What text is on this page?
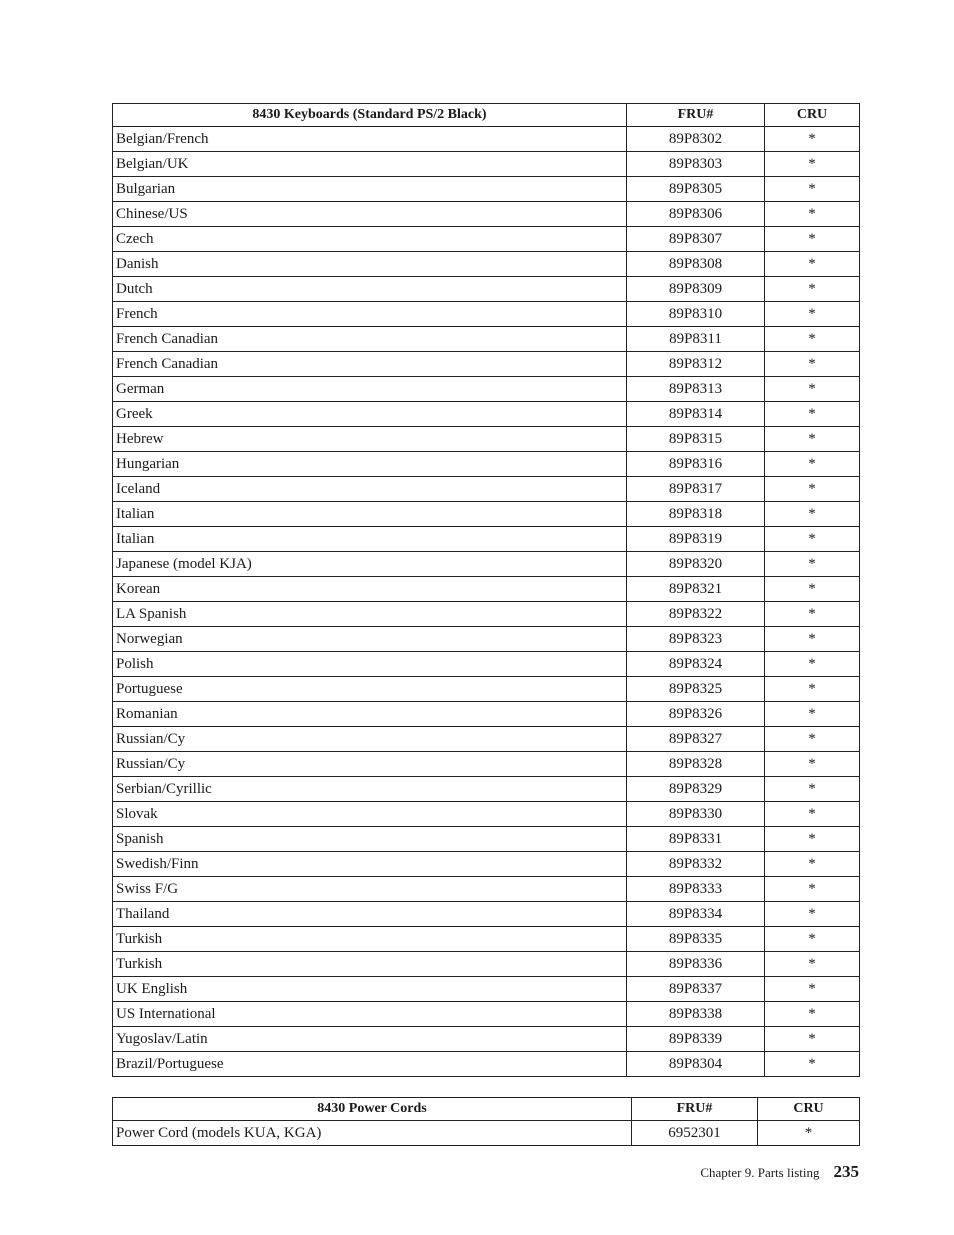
8430 Keyboards (Standard PS/2 Black)	FRU#	CRU
Belgian/French	89P8302	*
Belgian/UK	89P8303	*
Bulgarian	89P8305	*
Chinese/US	89P8306	*
Czech	89P8307	*
Danish	89P8308	*
Dutch	89P8309	*
French	89P8310	*
French Canadian	89P8311	*
French Canadian	89P8312	*
German	89P8313	*
Greek	89P8314	*
Hebrew	89P8315	*
Hungarian	89P8316	*
Iceland	89P8317	*
Italian	89P8318	*
Italian	89P8319	*
Japanese (model KJA)	89P8320	*
Korean	89P8321	*
LA Spanish	89P8322	*
Norwegian	89P8323	*
Polish	89P8324	*
Portuguese	89P8325	*
Romanian	89P8326	*
Russian/Cy	89P8327	*
Russian/Cy	89P8328	*
Serbian/Cyrillic	89P8329	*
Slovak	89P8330	*
Spanish	89P8331	*
Swedish/Finn	89P8332	*
Swiss F/G	89P8333	*
Thailand	89P8334	*
Turkish	89P8335	*
Turkish	89P8336	*
UK English	89P8337	*
US International	89P8338	*
Yugoslav/Latin	89P8339	*
Brazil/Portuguese	89P8304	*
8430 Power Cords	FRU#	CRU
Power Cord (models KUA, KGA)	6952301	*
Chapter 9. Parts listing 235
